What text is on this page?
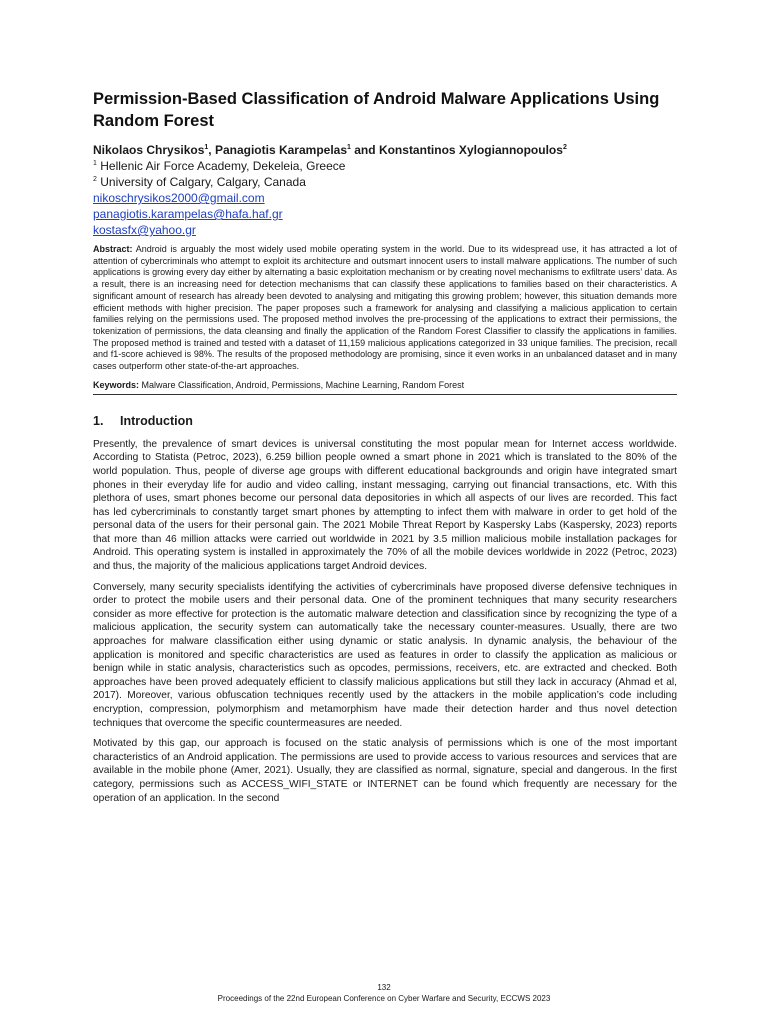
Permission-Based Classification of Android Malware Applications Using Random Forest

Nikolaos Chrysikos$^1$, Panagiotis Karampelas$^1$ and Konstantinos Xylogiannopoulos$^2$

$^1$ Hellenic Air Force Academy, Dekeleia, Greece

$^2$ University of Calgary, Calgary, Canada

nikoschrysikos2000@gmail.com
panagiotis.karampelas@hafa.haf.gr
kostasfx@yahoo.gr

Abstract: Android is arguably the most widely used mobile operating system in the world. Due to its widespread use, it has attracted a lot of attention of cybercriminals who attempt to exploit its architecture and outsmart innocent users to install malware applications. The number of such applications is growing every day either by alternating a basic exploitation mechanism or by creating novel mechanisms to exfiltrate users’ data. As a result, there is an increasing need for detection mechanisms that can classify these applications to families based on their characteristics. A significant amount of research has already been devoted to analysing and mitigating this growing problem; however, this situation demands more efficient methods with higher precision. The paper proposes such a framework for analysing and classifying a malicious application to certain families relying on the permissions used. The proposed method involves the pre-processing of the applications to extract their permissions, the tokenization of permissions, the data cleansing and finally the application of the Random Forest Classifier to classify the applications in families. The proposed method is trained and tested with a dataset of 11,159 malicious applications categorized in 33 unique families. The precision, recall and f1-score achieved is 98%. The results of the proposed methodology are promising, since it even works in an unbalanced dataset and in many cases outperform other state-of-the-art approaches.

Keywords: Malware Classification, Android, Permissions, Machine Learning, Random Forest

1. Introduction

Presently, the prevalence of smart devices is universal constituting the most popular mean for Internet access worldwide. According to Statista (Petroc, 2023), 6.259 billion people owned a smart phone in 2021 which is translated to the 80% of the world population. Thus, people of diverse age groups with different educational backgrounds and origin have integrated smart phones in their everyday life for audio and video calling, instant messaging, carrying out financial transactions, etc. With this plethora of uses, smart phones become our personal data depositories in which all aspects of our lives are recorded. This fact has led cybercriminals to constantly target smart phones by attempting to infect them with malware in order to get hold of the personal data of the users for their personal gain. The 2021 Mobile Threat Report by Kaspersky Labs (Kaspersky, 2023) reports that more than 46 million attacks were carried out worldwide in 2021 by 3.5 million malicious mobile installation packages for Android. This operating system is installed in approximately the 70% of all the mobile devices worldwide in 2022 (Petroc, 2023) and thus, the majority of the malicious applications target Android devices.

Conversely, many security specialists identifying the activities of cybercriminals have proposed diverse defensive techniques in order to protect the mobile users and their personal data. One of the prominent techniques that many security researchers consider as more effective for protection is the automatic malware detection and classification since by recognizing the type of a malicious application, the security system can automatically take the necessary counter-measures. Usually, there are two approaches for malware classification either using dynamic or static analysis. In dynamic analysis, the behaviour of the application is monitored and specific characteristics are used as features in order to classify the application as malicious or benign while in static analysis, characteristics such as opcodes, permissions, receivers, etc. are extracted and checked. Both approaches have been proved adequately efficient to classify malicious applications but still they lack in accuracy (Ahmad et al, 2017). Moreover, various obfuscation techniques recently used by the attackers in the mobile application’s code including encryption, compression, polymorphism and metamorphism have made their detection harder and thus novel detection techniques that overcome the specific countermeasures are needed.

Motivated by this gap, our approach is focused on the static analysis of permissions which is one of the most important characteristics of an Android application. The permissions are used to provide access to various resources and services that are available in the mobile phone (Amer, 2021). Usually, they are classified as normal, signature, special and dangerous. In the first category, permissions such as ACCESS_WIFI_STATE or INTERNET can be found which frequently are necessary for the operation of an application. In the second

132
Proceedings of the 22nd European Conference on Cyber Warfare and Security, ECCWS 2023
